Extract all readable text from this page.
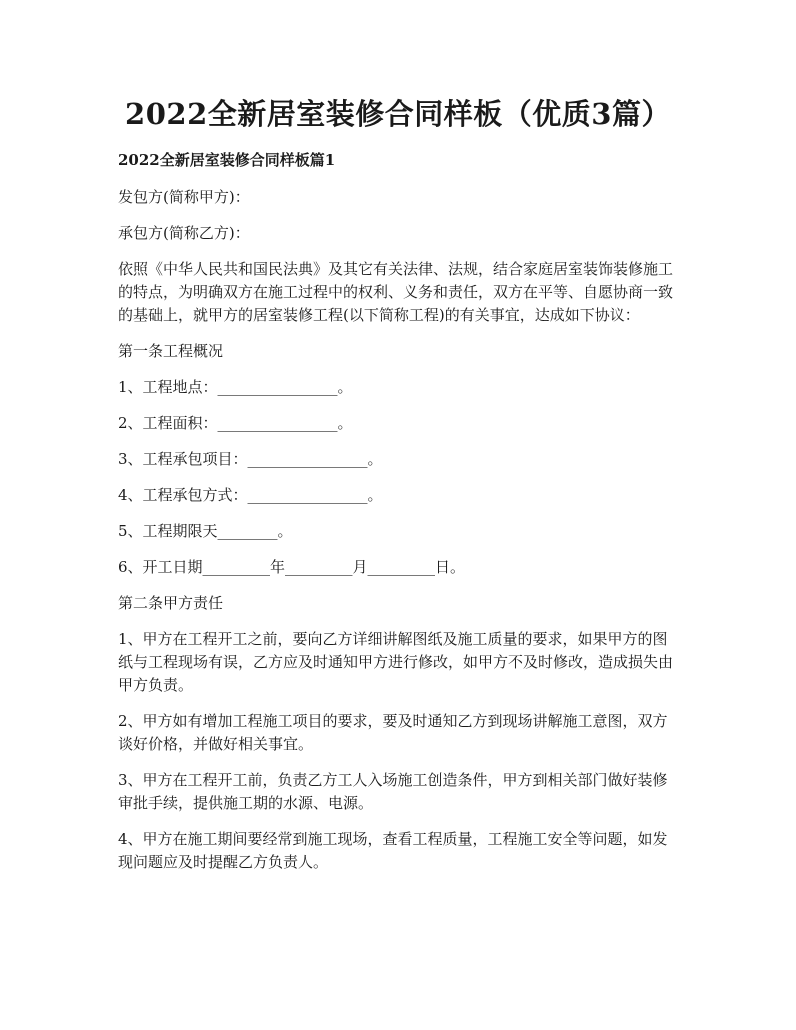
2022全新居室装修合同样板（优质3篇）
2022全新居室装修合同样板篇1
发包方(简称甲方)：
承包方(简称乙方)：
依照《中华人民共和国民法典》及其它有关法律、法规，结合家庭居室装饰装修施工的特点，为明确双方在施工过程中的权利、义务和责任，双方在平等、自愿协商一致的基础上，就甲方的居室装修工程(以下简称工程)的有关事宜，达成如下协议：
第一条工程概况
1、工程地点：________________。
2、工程面积：________________。
3、工程承包项目：________________。
4、工程承包方式：________________。
5、工程期限天________。
6、开工日期_________年_________月_________日。
第二条甲方责任
1、甲方在工程开工之前，要向乙方详细讲解图纸及施工质量的要求，如果甲方的图纸与工程现场有误，乙方应及时通知甲方进行修改，如甲方不及时修改，造成损失由甲方负责。
2、甲方如有增加工程施工项目的要求，要及时通知乙方到现场讲解施工意图，双方谈好价格，并做好相关事宜。
3、甲方在工程开工前，负责乙方工人入场施工创造条件，甲方到相关部门做好装修审批手续，提供施工期的水源、电源。
4、甲方在施工期间要经常到施工现场，查看工程质量，工程施工安全等问题，如发现问题应及时提醒乙方负责人。
